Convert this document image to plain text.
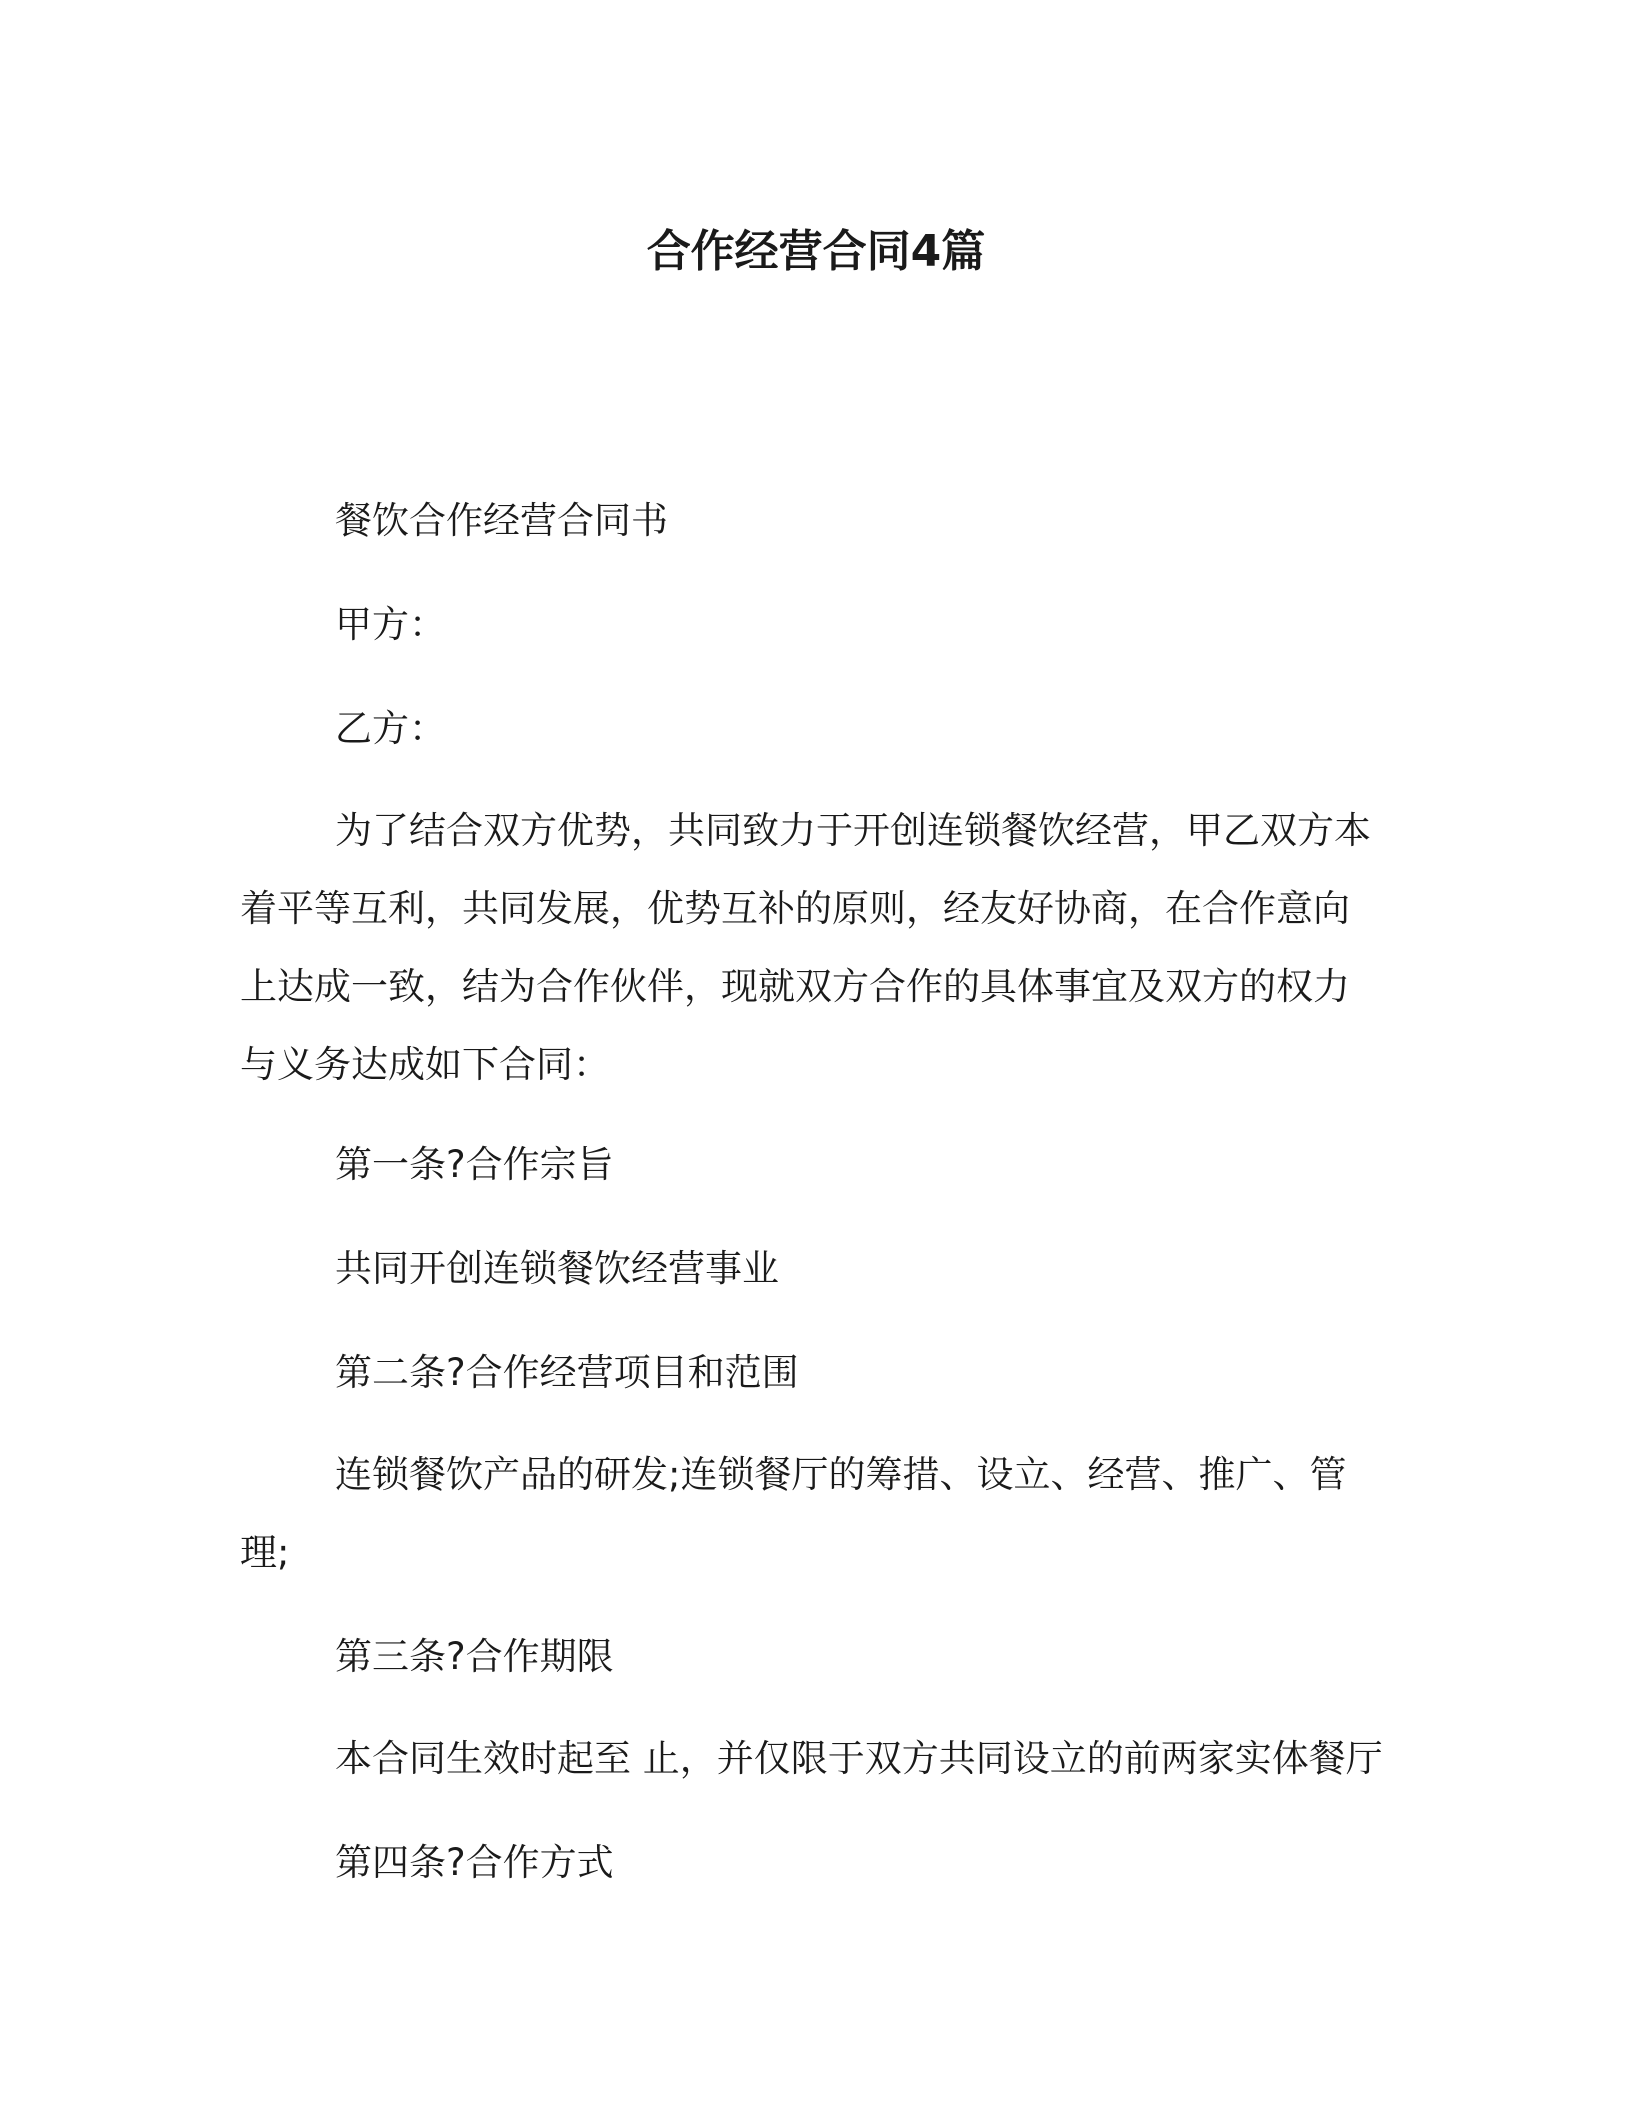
合作经营合同4篇
餐饮合作经营合同书
甲方：
乙方：
为了结合双方优势，共同致力于开创连锁餐饮经营，甲乙双方本
着平等互利，共同发展，优势互补的原则，经友好协商，在合作意向
上达成一致，结为合作伙伴，现就双方合作的具体事宜及双方的权力
与义务达成如下合同：
第一条?合作宗旨
共同开创连锁餐饮经营事业
第二条?合作经营项目和范围
连锁餐饮产品的研发;连锁餐厅的筹措、设立、经营、推广、管
理;
第三条?合作期限
本合同生效时起至 止，并仅限于双方共同设立的前两家实体餐厅
第四条?合作方式
